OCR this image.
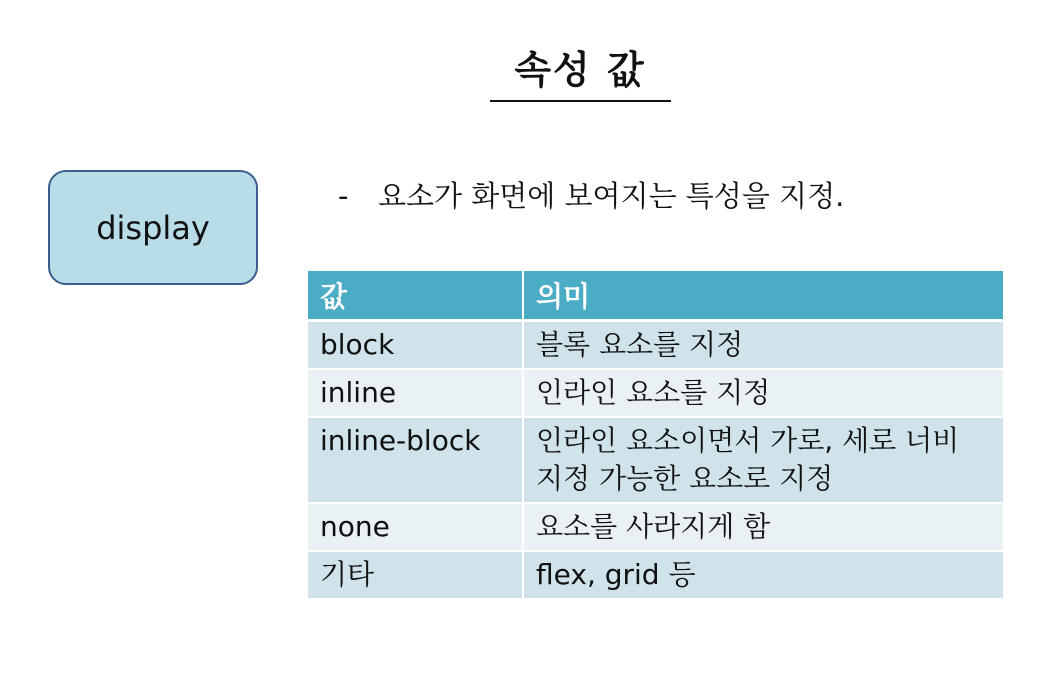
속성 값
display
- 요소가 화면에 보여지는 특성을 지정.
값	의미
block	블록 요소를 지정
inline	인라인 요소를 지정
inline-block	인라인 요소이면서 가로, 세로 너비 지정 가능한 요소로 지정
none	요소를 사라지게 함
기타	flex, grid 등
